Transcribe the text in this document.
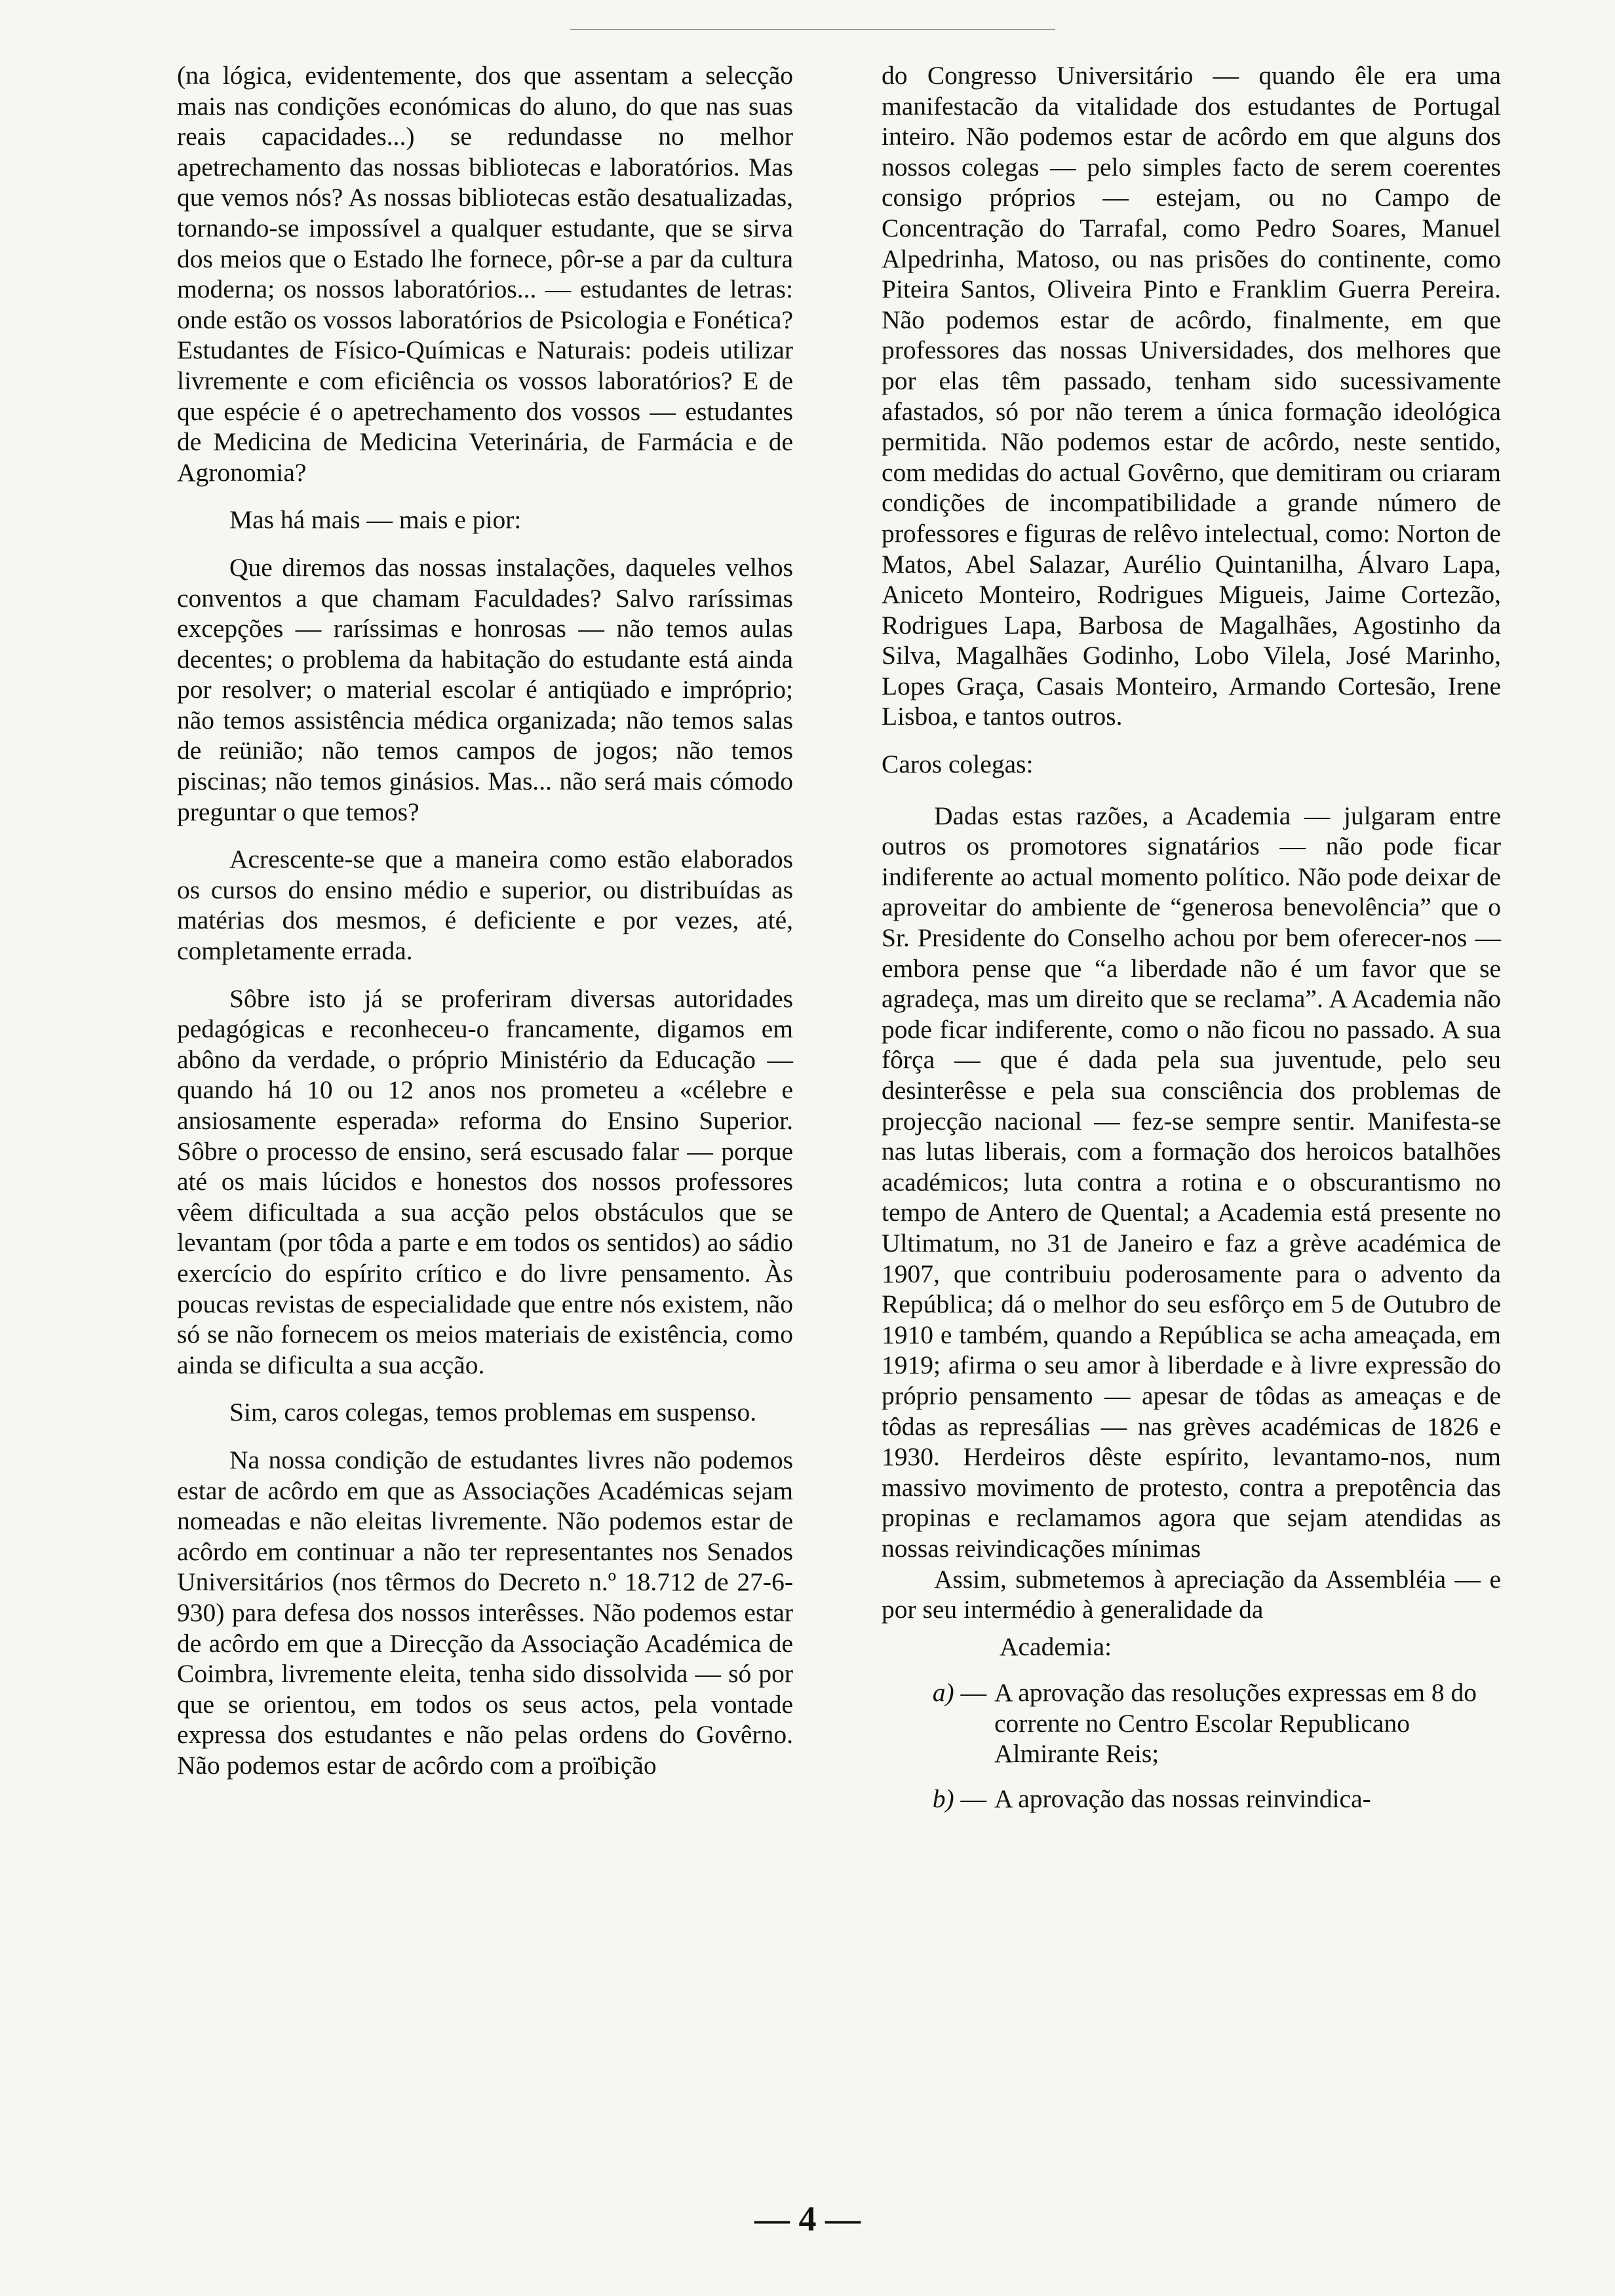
(na lógica, evidentemente, dos que assentam a selecção mais nas condições económicas do aluno, do que nas suas reais capacidades...) se redundasse no melhor apetrechamento das nossas bibliotecas e laboratórios. Mas que vemos nós? As nossas bibliotecas estão desatualizadas, tornando-se impossível a qualquer estudante, que se sirva dos meios que o Estado lhe fornece, pôr-se a par da cultura moderna; os nossos laboratórios... — estudantes de letras: onde estão os vossos laboratórios de Psicologia e Fonética? Estudantes de Físico-Químicas e Naturais: podeis utilizar livremente e com eficiência os vossos laboratórios? E de que espécie é o apetrechamento dos vossos — estudantes de Medicina de Medicina Veterinária, de Farmácia e de Agronomia?

Mas há mais — mais e pior:

Que diremos das nossas instalações, daqueles velhos conventos a que chamam Faculdades? Salvo raríssimas excepções — raríssimas e honrosas — não temos aulas decentes; o problema da habitação do estudante está ainda por resolver; o material escolar é antiqüado e impróprio; não temos assistência médica organizada; não temos salas de reünião; não temos campos de jogos; não temos piscinas; não temos ginásios. Mas... não será mais cómodo preguntar o que temos?

Acrescente-se que a maneira como estão elaborados os cursos do ensino médio e superior, ou distribuídas as matérias dos mesmos, é deficiente e por vezes, até, completamente errada.

Sôbre isto já se proferiram diversas autoridades pedagógicas e reconheceu-o francamente, digamos em abôno da verdade, o próprio Ministério da Educação — quando há 10 ou 12 anos nos prometeu a «célebre e ansiosamente esperada» reforma do Ensino Superior. Sôbre o processo de ensino, será escusado falar — porque até os mais lúcidos e honestos dos nossos professores vêem dificultada a sua acção pelos obstáculos que se levantam (por tôda a parte e em todos os sentidos) ao sádio exercício do espírito crítico e do livre pensamento. Às poucas revistas de especialidade que entre nós existem, não só se não fornecem os meios materiais de existência, como ainda se dificulta a sua acção.

Sim, caros colegas, temos problemas em suspenso.

Na nossa condição de estudantes livres não podemos estar de acôrdo em que as Associações Académicas sejam nomeadas e não eleitas livremente. Não podemos estar de acôrdo em continuar a não ter representantes nos Senados Universitários (nos têrmos do Decreto n.º 18.712 de 27-6-930) para defesa dos nossos interêsses. Não podemos estar de acôrdo em que a Direcção da Associação Académica de Coimbra, livremente eleita, tenha sido dissolvida — só por que se orientou, em todos os seus actos, pela vontade expressa dos estudantes e não pelas ordens do Govêrno. Não podemos estar de acôrdo com a proïbição

do Congresso Universitário — quando êle era uma manifestacão da vitalidade dos estudantes de Portugal inteiro. Não podemos estar de acôrdo em que alguns dos nossos colegas — pelo simples facto de serem coerentes consigo próprios — estejam, ou no Campo de Concentração do Tarrafal, como Pedro Soares, Manuel Alpedrinha, Matoso, ou nas prisões do continente, como Piteira Santos, Oliveira Pinto e Franklim Guerra Pereira. Não podemos estar de acôrdo, finalmente, em que professores das nossas Universidades, dos melhores que por elas têm passado, tenham sido sucessivamente afastados, só por não terem a única formação ideológica permitida. Não podemos estar de acôrdo, neste sentido, com medidas do actual Govêrno, que demitiram ou criaram condições de incompatibilidade a grande número de professores e figuras de relêvo intelectual, como: Norton de Matos, Abel Salazar, Aurélio Quintanilha, Álvaro Lapa, Aniceto Monteiro, Rodrigues Migueis, Jaime Cortezão, Rodrigues Lapa, Barbosa de Magalhães, Agostinho da Silva, Magalhães Godinho, Lobo Vilela, José Marinho, Lopes Graça, Casais Monteiro, Armando Cortesão, Irene Lisboa, e tantos outros.

Caros colegas:

Dadas estas razões, a Academia — julgaram entre outros os promotores signatários — não pode ficar indiferente ao actual momento político. Não pode deixar de aproveitar do ambiente de “generosa benevolência” que o Sr. Presidente do Conselho achou por bem oferecer-nos — embora pense que “a liberdade não é um favor que se agradeça, mas um direito que se reclama”. A Academia não pode ficar indiferente, como o não ficou no passado. A sua fôrça — que é dada pela sua juventude, pelo seu desinterêsse e pela sua consciência dos problemas de projecção nacional — fez-se sempre sentir. Manifesta-se nas lutas liberais, com a formação dos heroicos batalhões académicos; luta contra a rotina e o obscurantismo no tempo de Antero de Quental; a Academia está presente no Ultimatum, no 31 de Janeiro e faz a grève académica de 1907, que contribuiu poderosamente para o advento da República; dá o melhor do seu esfôrço em 5 de Outubro de 1910 e também, quando a República se acha ameaçada, em 1919; afirma o seu amor à liberdade e à livre expressão do próprio pensamento — apesar de tôdas as ameaças e de tôdas as represálias — nas grèves académicas de 1826 e 1930. Herdeiros dêste espírito, levantamo-nos, num massivo movimento de protesto, contra a prepotência das propinas e reclamamos agora que sejam atendidas as nossas reivindicações mínimas

Assim, submetemos à apreciação da Assembléia — e por seu intermédio à generalidade da

Academia:

a) — A aprovação das resoluções expressas em 8 do corrente no Centro Escolar Republicano Almirante Reis;
b) — A aprovação das nossas reinvindica-
— 4 —
